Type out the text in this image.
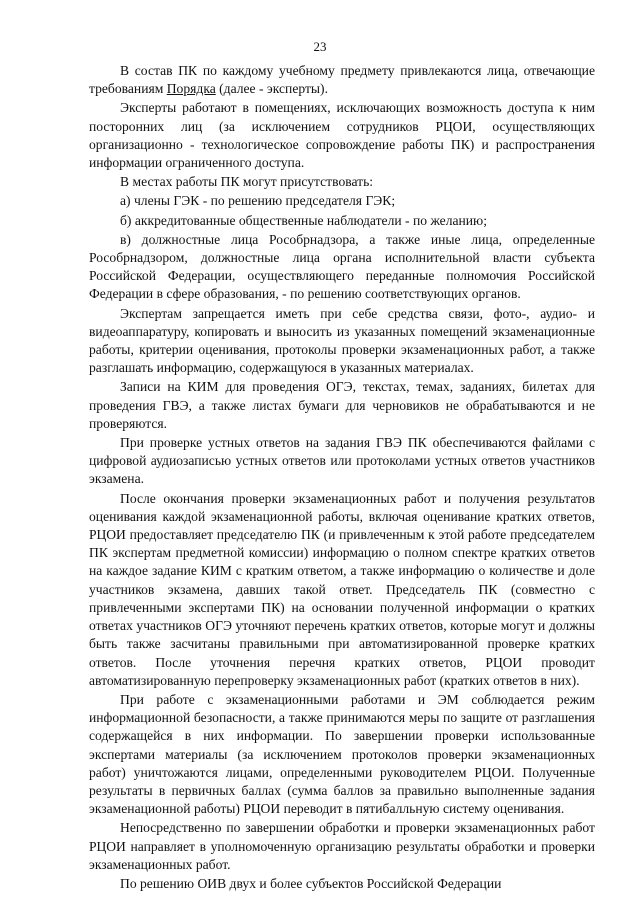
23

В состав ПК по каждому учебному предмету привлекаются лица, отвечающие требованиям Порядка (далее - эксперты).

Эксперты работают в помещениях, исключающих возможность доступа к ним посторонних лиц (за исключением сотрудников РЦОИ, осуществляющих организационно - технологическое сопровождение работы ПК) и распространения информации ограниченного доступа.

В местах работы ПК могут присутствовать:

а) члены ГЭК - по решению председателя ГЭК;

б) аккредитованные общественные наблюдатели - по желанию;

в) должностные лица Рособрнадзора, а также иные лица, определенные Рособрнадзором, должностные лица органа исполнительной власти субъекта Российской Федерации, осуществляющего переданные полномочия Российской Федерации в сфере образования, - по решению соответствующих органов.

Экспертам запрещается иметь при себе средства связи, фото-, аудио- и видеоаппаратуру, копировать и выносить из указанных помещений экзаменационные работы, критерии оценивания, протоколы проверки экзаменационных работ, а также разглашать информацию, содержащуюся в указанных материалах.

Записи на КИМ для проведения ОГЭ, текстах, темах, заданиях, билетах для проведения ГВЭ, а также листах бумаги для черновиков не обрабатываются и не проверяются.

При проверке устных ответов на задания ГВЭ ПК обеспечиваются файлами с цифровой аудиозаписью устных ответов или протоколами устных ответов участников экзамена.

После окончания проверки экзаменационных работ и получения результатов оценивания каждой экзаменационной работы, включая оценивание кратких ответов, РЦОИ предоставляет председателю ПК (и привлеченным к этой работе председателем ПК экспертам предметной комиссии) информацию о полном спектре кратких ответов на каждое задание КИМ с кратким ответом, а также информацию о количестве и доле участников экзамена, давших такой ответ. Председатель ПК (совместно с привлеченными экспертами ПК) на основании полученной информации о кратких ответах участников ОГЭ уточняют перечень кратких ответов, которые могут и должны быть также засчитаны правильными при автоматизированной проверке кратких ответов. После уточнения перечня кратких ответов, РЦОИ проводит автоматизированную перепроверку экзаменационных работ (кратких ответов в них).

При работе с экзаменационными работами и ЭМ соблюдается режим информационной безопасности, а также принимаются меры по защите от разглашения содержащейся в них информации. По завершении проверки использованные экспертами материалы (за исключением протоколов проверки экзаменационных работ) уничтожаются лицами, определенными руководителем РЦОИ. Полученные результаты в первичных баллах (сумма баллов за правильно выполненные задания экзаменационной работы) РЦОИ переводит в пятибалльную систему оценивания.

Непосредственно по завершении обработки и проверки экзаменационных работ РЦОИ направляет в уполномоченную организацию результаты обработки и проверки экзаменационных работ.

По решению ОИВ двух и более субъектов Российской Федерации
